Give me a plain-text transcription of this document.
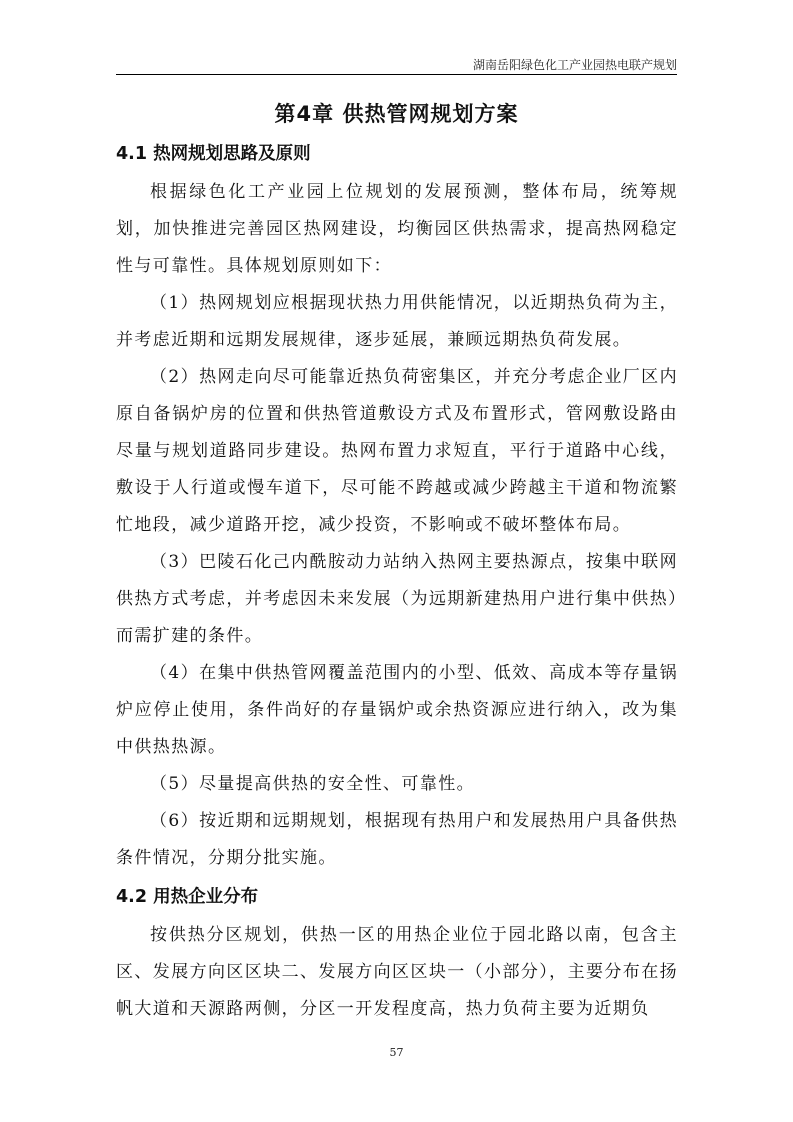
湖南岳阳绿色化工产业园热电联产规划
第4章 供热管网规划方案
4.1 热网规划思路及原则

根据绿色化工产业园上位规划的发展预测，整体布局，统筹规划，加快推进完善园区热网建设，均衡园区供热需求，提高热网稳定性与可靠性。具体规划原则如下：

（1）热网规划应根据现状热力用供能情况，以近期热负荷为主，并考虑近期和远期发展规律，逐步延展，兼顾远期热负荷发展。

（2）热网走向尽可能靠近热负荷密集区，并充分考虑企业厂区内原自备锅炉房的位置和供热管道敷设方式及布置形式，管网敷设路由尽量与规划道路同步建设。热网布置力求短直，平行于道路中心线，敷设于人行道或慢车道下，尽可能不跨越或减少跨越主干道和物流繁忙地段，减少道路开挖，减少投资，不影响或不破坏整体布局。

（3）巴陵石化己内酰胺动力站纳入热网主要热源点，按集中联网供热方式考虑，并考虑因未来发展（为远期新建热用户进行集中供热）而需扩建的条件。

（4）在集中供热管网覆盖范围内的小型、低效、高成本等存量锅炉应停止使用，条件尚好的存量锅炉或余热资源应进行纳入，改为集中供热热源。

（5）尽量提高供热的安全性、可靠性。

（6）按近期和远期规划，根据现有热用户和发展热用户具备供热条件情况，分期分批实施。

4.2 用热企业分布

按供热分区规划，供热一区的用热企业位于园北路以南，包含主区、发展方向区区块二、发展方向区区块一（小部分），主要分布在扬帆大道和天源路两侧，分区一开发程度高，热力负荷主要为近期负

57
